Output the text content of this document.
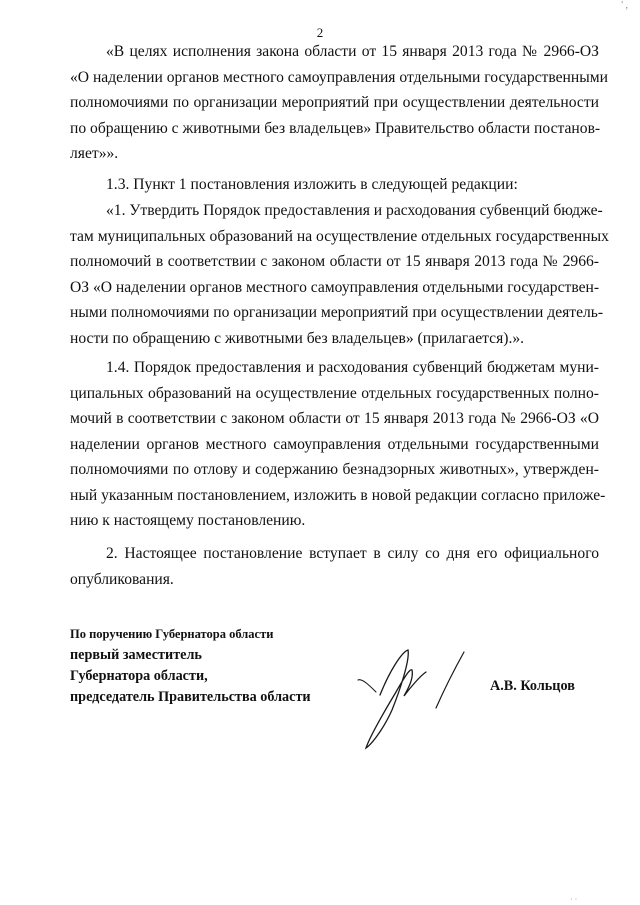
' ,
2

«В целях исполнения закона области от 15 января 2013 года № 2966-ОЗ
«О наделении органов местного самоуправления отдельными государственными
полномочиями по организации мероприятий при осуществлении деятельности
по обращению с животными без владельцев» Правительство области постанов-
ляет»».

1.3. Пункт 1 постановления изложить в следующей редакции:

«1. Утвердить Порядок предоставления и расходования субвенций бюдже-
там муниципальных образований на осуществление отдельных государственных
полномочий в соответствии с законом области от 15 января 2013 года № 2966-
ОЗ «О наделении органов местного самоуправления отдельными государствен-
ными полномочиями по организации мероприятий при осуществлении деятель-
ности по обращению с животными без владельцев» (прилагается).».

1.4. Порядок предоставления и расходования субвенций бюджетам муни-
ципальных образований на осуществление отдельных государственных полно-
мочий в соответствии с законом области от 15 января 2013 года № 2966-ОЗ «О
наделении органов местного самоуправления отдельными государственными
полномочиями по отлову и содержанию безнадзорных животных», утвержден-
ный указанным постановлением, изложить в новой редакции согласно приложе-
нию к настоящему постановлению.

2. Настоящее постановление вступает в силу со дня его официального
опубликования.

По поручению Губернатора области
первый заместитель
Губернатора области,
председатель Правительства области
А.В. Кольцов
· ·
